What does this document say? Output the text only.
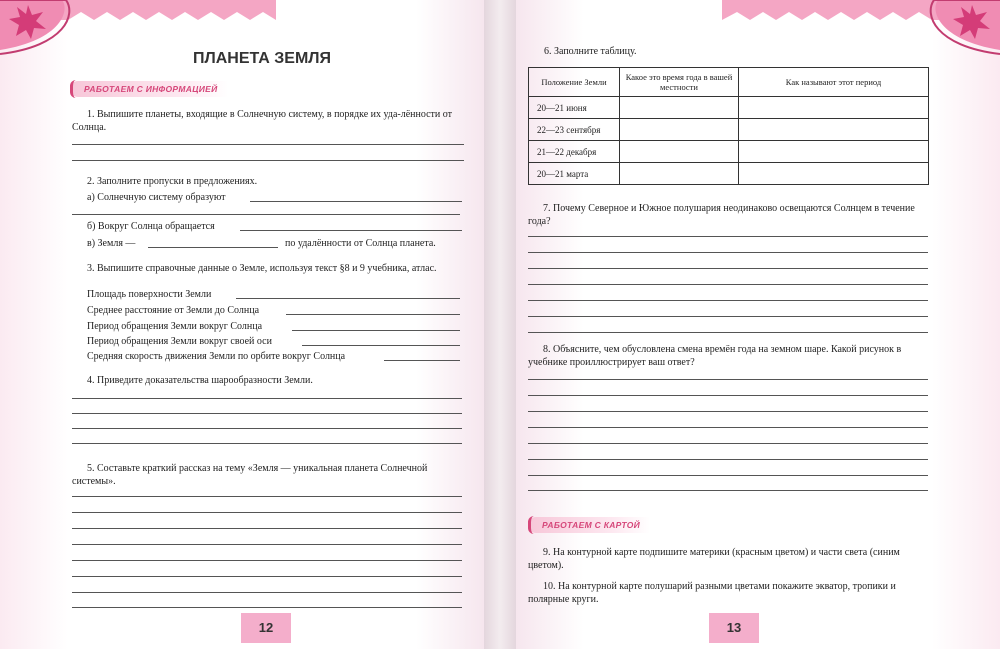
ПЛАНЕТА ЗЕМЛЯ
РАБОТАЕМ С ИНФОРМАЦИЕЙ
1. Выпишите планеты, входящие в Солнечную систему, в порядке их уда-лённости от Солнца.
2. Заполните пропуски в предложениях.
а) Солнечную систему образуют
б) Вокруг Солнца обращается
в) Земля —	по удалённости от Солнца планета.
3. Выпишите справочные данные о Земле, используя текст §8 и 9 учебника, атлас.
Площадь поверхности Земли
Среднее расстояние от Земли до Солнца
Период обращения Земли вокруг Солнца
Период обращения Земли вокруг своей оси
Средняя скорость движения Земли по орбите вокруг Солнца
4. Приведите доказательства шарообразности Земли.
5. Составьте краткий рассказ на тему «Земля — уникальная планета Солнечной системы».
12
6. Заполните таблицу.
Положение Земли	Какое это время года в вашей местности	Как называют этот период
20—21 июня		
22—23 сентября		
21—22 декабря		
20—21 марта		
7. Почему Северное и Южное полушария неодинаково освещаются Солнцем в течение года?
8. Объясните, чем обусловлена смена времён года на земном шаре. Какой рисунок в учебнике проиллюстрирует ваш ответ?
РАБОТАЕМ С КАРТОЙ
9. На контурной карте подпишите материки (красным цветом) и части света (синим цветом).
10. На контурной карте полушарий разными цветами покажите экватор, тропики и полярные круги.
13
